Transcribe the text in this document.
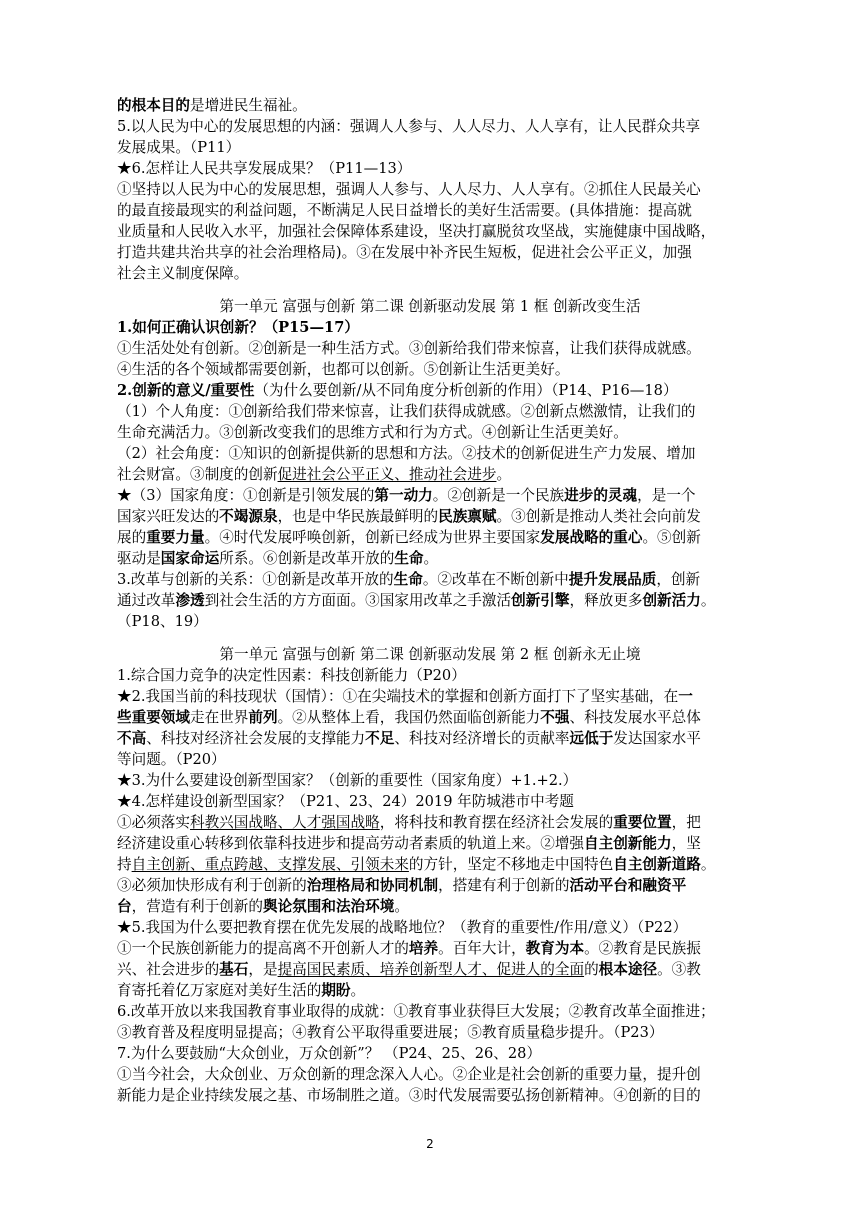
的根本目的是增进民生福祉。
5.以人民为中心的发展思想的内涵：强调人人参与、人人尽力、人人享有，让人民群众共享
发展成果。（P11）
★6.怎样让人民共享发展成果？（P11—13）
①坚持以人民为中心的发展思想，强调人人参与、人人尽力、人人享有。②抓住人民最关心
的最直接最现实的利益问题，不断满足人民日益增长的美好生活需要。(具体措施：提高就
业质量和人民收入水平，加强社会保障体系建设，坚决打赢脱贫攻坚战，实施健康中国战略，
打造共建共治共享的社会治理格局)。③在发展中补齐民生短板，促进社会公平正义，加强
社会主义制度保障。
第一单元 富强与创新 第二课 创新驱动发展 第 1 框 创新改变生活
1.如何正确认识创新？（P15—17）
①生活处处有创新。②创新是一种生活方式。③创新给我们带来惊喜，让我们获得成就感。
④生活的各个领域都需要创新，也都可以创新。⑤创新让生活更美好。
2.创新的意义/重要性（为什么要创新/从不同角度分析创新的作用）（P14、P16—18）
（1）个人角度：①创新给我们带来惊喜，让我们获得成就感。②创新点燃激情，让我们的
生命充满活力。③创新改变我们的思维方式和行为方式。④创新让生活更美好。
（2）社会角度：①知识的创新提供新的思想和方法。②技术的创新促进生产力发展、增加
社会财富。③制度的创新促进社会公平正义、推动社会进步。
★（3）国家角度：①创新是引领发展的第一动力。②创新是一个民族进步的灵魂，是一个
国家兴旺发达的不竭源泉，也是中华民族最鲜明的民族禀赋。③创新是推动人类社会向前发
展的重要力量。④时代发展呼唤创新，创新已经成为世界主要国家发展战略的重心。⑤创新
驱动是国家命运所系。⑥创新是改革开放的生命。
3.改革与创新的关系：①创新是改革开放的生命。②改革在不断创新中提升发展品质，创新
通过改革渗透到社会生活的方方面面。③国家用改革之手激活创新引擎，释放更多创新活力。
（P18、19）
第一单元 富强与创新 第二课 创新驱动发展 第 2 框 创新永无止境
1.综合国力竞争的决定性因素：科技创新能力（P20）
★2.我国当前的科技现状（国情）：①在尖端技术的掌握和创新方面打下了坚实基础，在一
些重要领域走在世界前列。②从整体上看，我国仍然面临创新能力不强、科技发展水平总体
不高、科技对经济社会发展的支撑能力不足、科技对经济增长的贡献率远低于发达国家水平
等问题。（P20）
★3.为什么要建设创新型国家？（创新的重要性（国家角度）+1.+2.）
★4.怎样建设创新型国家？（P21、23、24）2019 年防城港市中考题
①必须落实科教兴国战略、人才强国战略，将科技和教育摆在经济社会发展的重要位置，把
经济建设重心转移到依靠科技进步和提高劳动者素质的轨道上来。②增强自主创新能力，坚
持自主创新、重点跨越、支撑发展、引领未来的方针，坚定不移地走中国特色自主创新道路。
③必须加快形成有利于创新的治理格局和协同机制，搭建有利于创新的活动平台和融资平
台，营造有利于创新的舆论氛围和法治环境。
★5.我国为什么要把教育摆在优先发展的战略地位？（教育的重要性/作用/意义）（P22）
①一个民族创新能力的提高离不开创新人才的培养。百年大计，教育为本。②教育是民族振
兴、社会进步的基石，是提高国民素质、培养创新型人才、促进人的全面的根本途径。③教
育寄托着亿万家庭对美好生活的期盼。
6.改革开放以来我国教育事业取得的成就：①教育事业获得巨大发展；②教育改革全面推进；
③教育普及程度明显提高；④教育公平取得重要进展；⑤教育质量稳步提升。（P23）
7.为什么要鼓励“大众创业，万众创新”？ （P24、25、26、28）
①当今社会，大众创业、万众创新的理念深入人心。②企业是社会创新的重要力量，提升创
新能力是企业持续发展之基、市场制胜之道。③时代发展需要弘扬创新精神。④创新的目的
2
